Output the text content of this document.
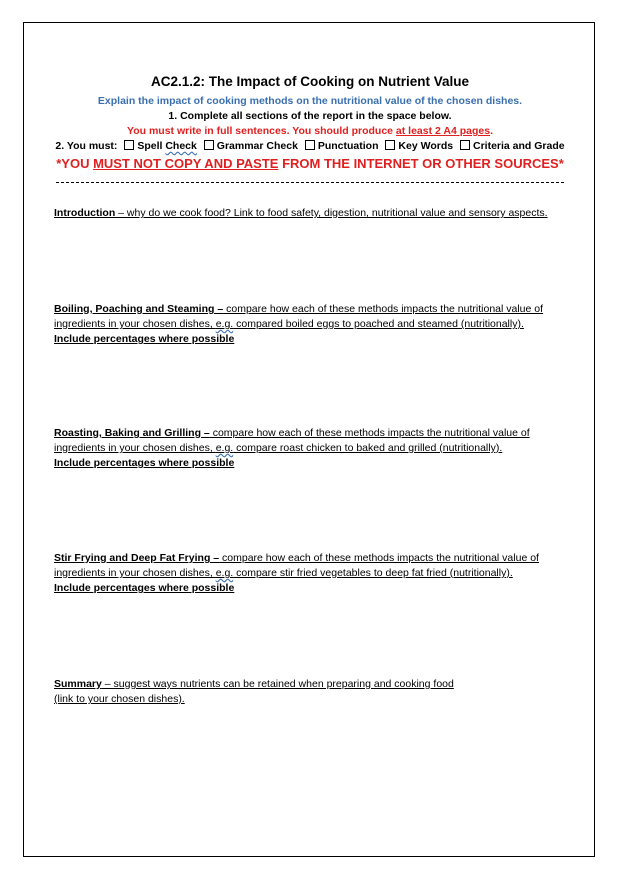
AC2.1.2: The Impact of Cooking on Nutrient Value
Explain the impact of cooking methods on the nutritional value of the chosen dishes.
1. Complete all sections of the report in the space below.
You must write in full sentences. You should produce at least 2 A4 pages.
2. You must: Spell Check Grammar Check Punctuation Key Words Criteria and Grade
*YOU MUST NOT COPY AND PASTE FROM THE INTERNET OR OTHER SOURCES*
Introduction – why do we cook food? Link to food safety, digestion, nutritional value and sensory aspects.
Boiling, Poaching and Steaming – compare how each of these methods impacts the nutritional value of
ingredients in your chosen dishes, e.g. compared boiled eggs to poached and steamed (nutritionally).
Include percentages where possible
Roasting, Baking and Grilling – compare how each of these methods impacts the nutritional value of
ingredients in your chosen dishes, e.g. compare roast chicken to baked and grilled (nutritionally).
Include percentages where possible
Stir Frying and Deep Fat Frying – compare how each of these methods impacts the nutritional value of
ingredients in your chosen dishes, e.g. compare stir fried vegetables to deep fat fried (nutritionally).
Include percentages where possible
Summary – suggest ways nutrients can be retained when preparing and cooking food
(link to your chosen dishes).
